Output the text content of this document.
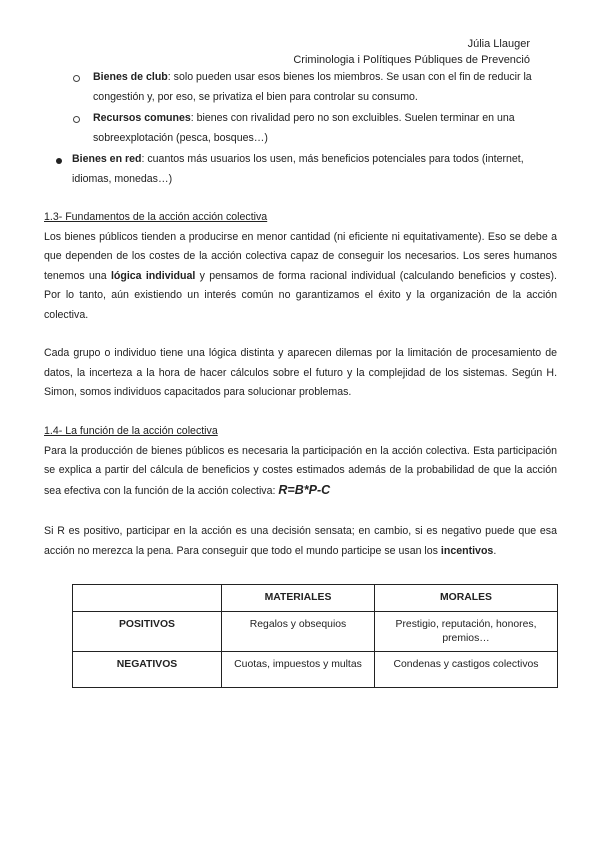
Júlia Llauger
Criminologia i Polítiques Públiques de Prevenció
Bienes de club: solo pueden usar esos bienes los miembros. Se usan con el fin de reducir la
congestión y, por eso, se privatiza el bien para controlar su consumo.
Recursos comunes: bienes con rivalidad pero no son excluibles. Suelen terminar en una
sobreexplotación (pesca, bosques…)
Bienes en red: cuantos más usuarios los usen, más beneficios potenciales para todos (internet,
idiomas, monedas…)
1.3- Fundamentos de la acción acción colectiva
Los bienes públicos tienden a producirse en menor cantidad (ni eficiente ni equitativamente). Eso se debe a que dependen de los costes de la acción colectiva capaz de conseguir los necesarios. Los seres humanos tenemos una lógica individual y pensamos de forma racional individual (calculando beneficios y costes). Por lo tanto, aún existiendo un interés común no garantizamos el éxito y la organización de la acción colectiva.
Cada grupo o individuo tiene una lógica distinta y aparecen dilemas por la limitación de procesamiento de datos, la incerteza a la hora de hacer cálculos sobre el futuro y la complejidad de los sistemas. Según H. Simon, somos individuos capacitados para solucionar problemas.
1.4- La función de la acción colectiva
Para la producción de bienes públicos es necesaria la participación en la acción colectiva. Esta participación se explica a partir del cálcula de beneficios y costes estimados además de la probabilidad de que la acción sea efectiva con la función de la acción colectiva: R=B*P-C
Si R es positivo, participar en la acción es una decisión sensata; en cambio, si es negativo puede que esa acción no merezca la pena. Para conseguir que todo el mundo participe se usan los incentivos.
	MATERIALES	MORALES
POSITIVOS	Regalos y obsequios	Prestigio, reputación, honores, premios…
NEGATIVOS	Cuotas, impuestos y multas	Condenas y castigos colectivos
